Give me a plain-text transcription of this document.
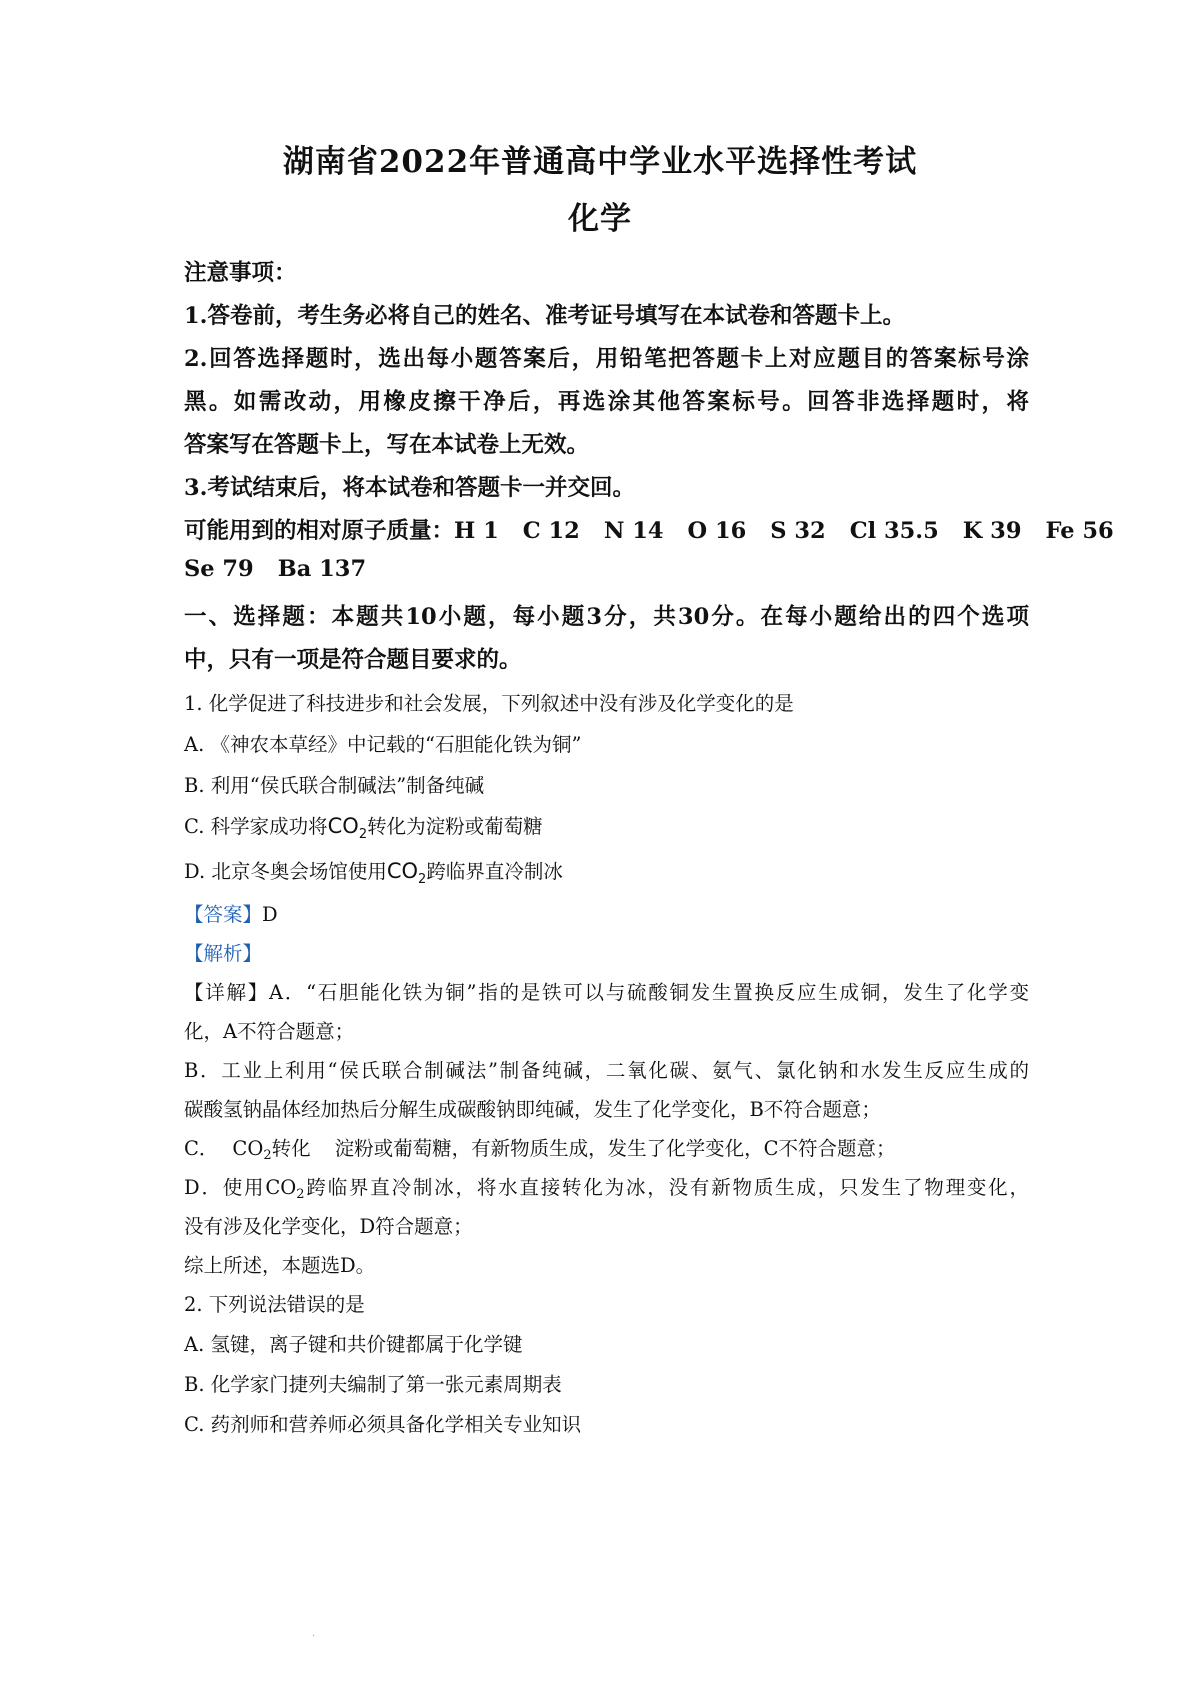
湖南省2022年普通高中学业水平选择性考试
化学
注意事项：
1.答卷前，考生务必将自己的姓名、准考证号填写在本试卷和答题卡上。
2.回答选择题时，选出每小题答案后，用铅笔把答题卡上对应题目的答案标号涂
黑。如需改动，用橡皮擦干净后，再选涂其他答案标号。回答非选择题时，将
答案写在答题卡上，写在本试卷上无效。
3.考试结束后，将本试卷和答题卡一并交回。
可能用到的相对原子质量：H 1 C 12 N 14 O 16 S 32 Cl 35.5 K 39 Fe 56
Se 79 Ba 137
一、选择题：本题共10小题，每小题3分，共30分。在每小题给出的四个选项
中，只有一项是符合题目要求的。
1. 化学促进了科技进步和社会发展，下列叙述中没有涉及化学变化的是
A. 《神农本草经》中记载的“石胆能化铁为铜”
B. 利用“侯氏联合制碱法”制备纯碱
C. 科学家成功将$CO_2$转化为淀粉或葡萄糖
D. 北京冬奥会场馆使用$CO_2$跨临界直冷制冰
【答案】D
【解析】
【详解】A．“石胆能化铁为铜”指的是铁可以与硫酸铜发生置换反应生成铜，发生了化学变
化，A不符合题意；
B．工业上利用“侯氏联合制碱法”制备纯碱，二氧化碳、氨气、氯化钠和水发生反应生成的
碳酸氢钠晶体经加热后分解生成碳酸钠即纯碱，发生了化学变化，B不符合题意；
C． $CO_2$转化 淀粉或葡萄糖，有新物质生成，发生了化学变化，C不符合题意；
D．使用$CO_2$跨临界直冷制冰，将水直接转化为冰，没有新物质生成，只发生了物理变化，
没有涉及化学变化，D符合题意；
综上所述，本题选D。
2. 下列说法错误的是
A. 氢键，离子键和共价键都属于化学键
B. 化学家门捷列夫编制了第一张元素周期表
C. 药剂师和营养师必须具备化学相关专业知识
.
